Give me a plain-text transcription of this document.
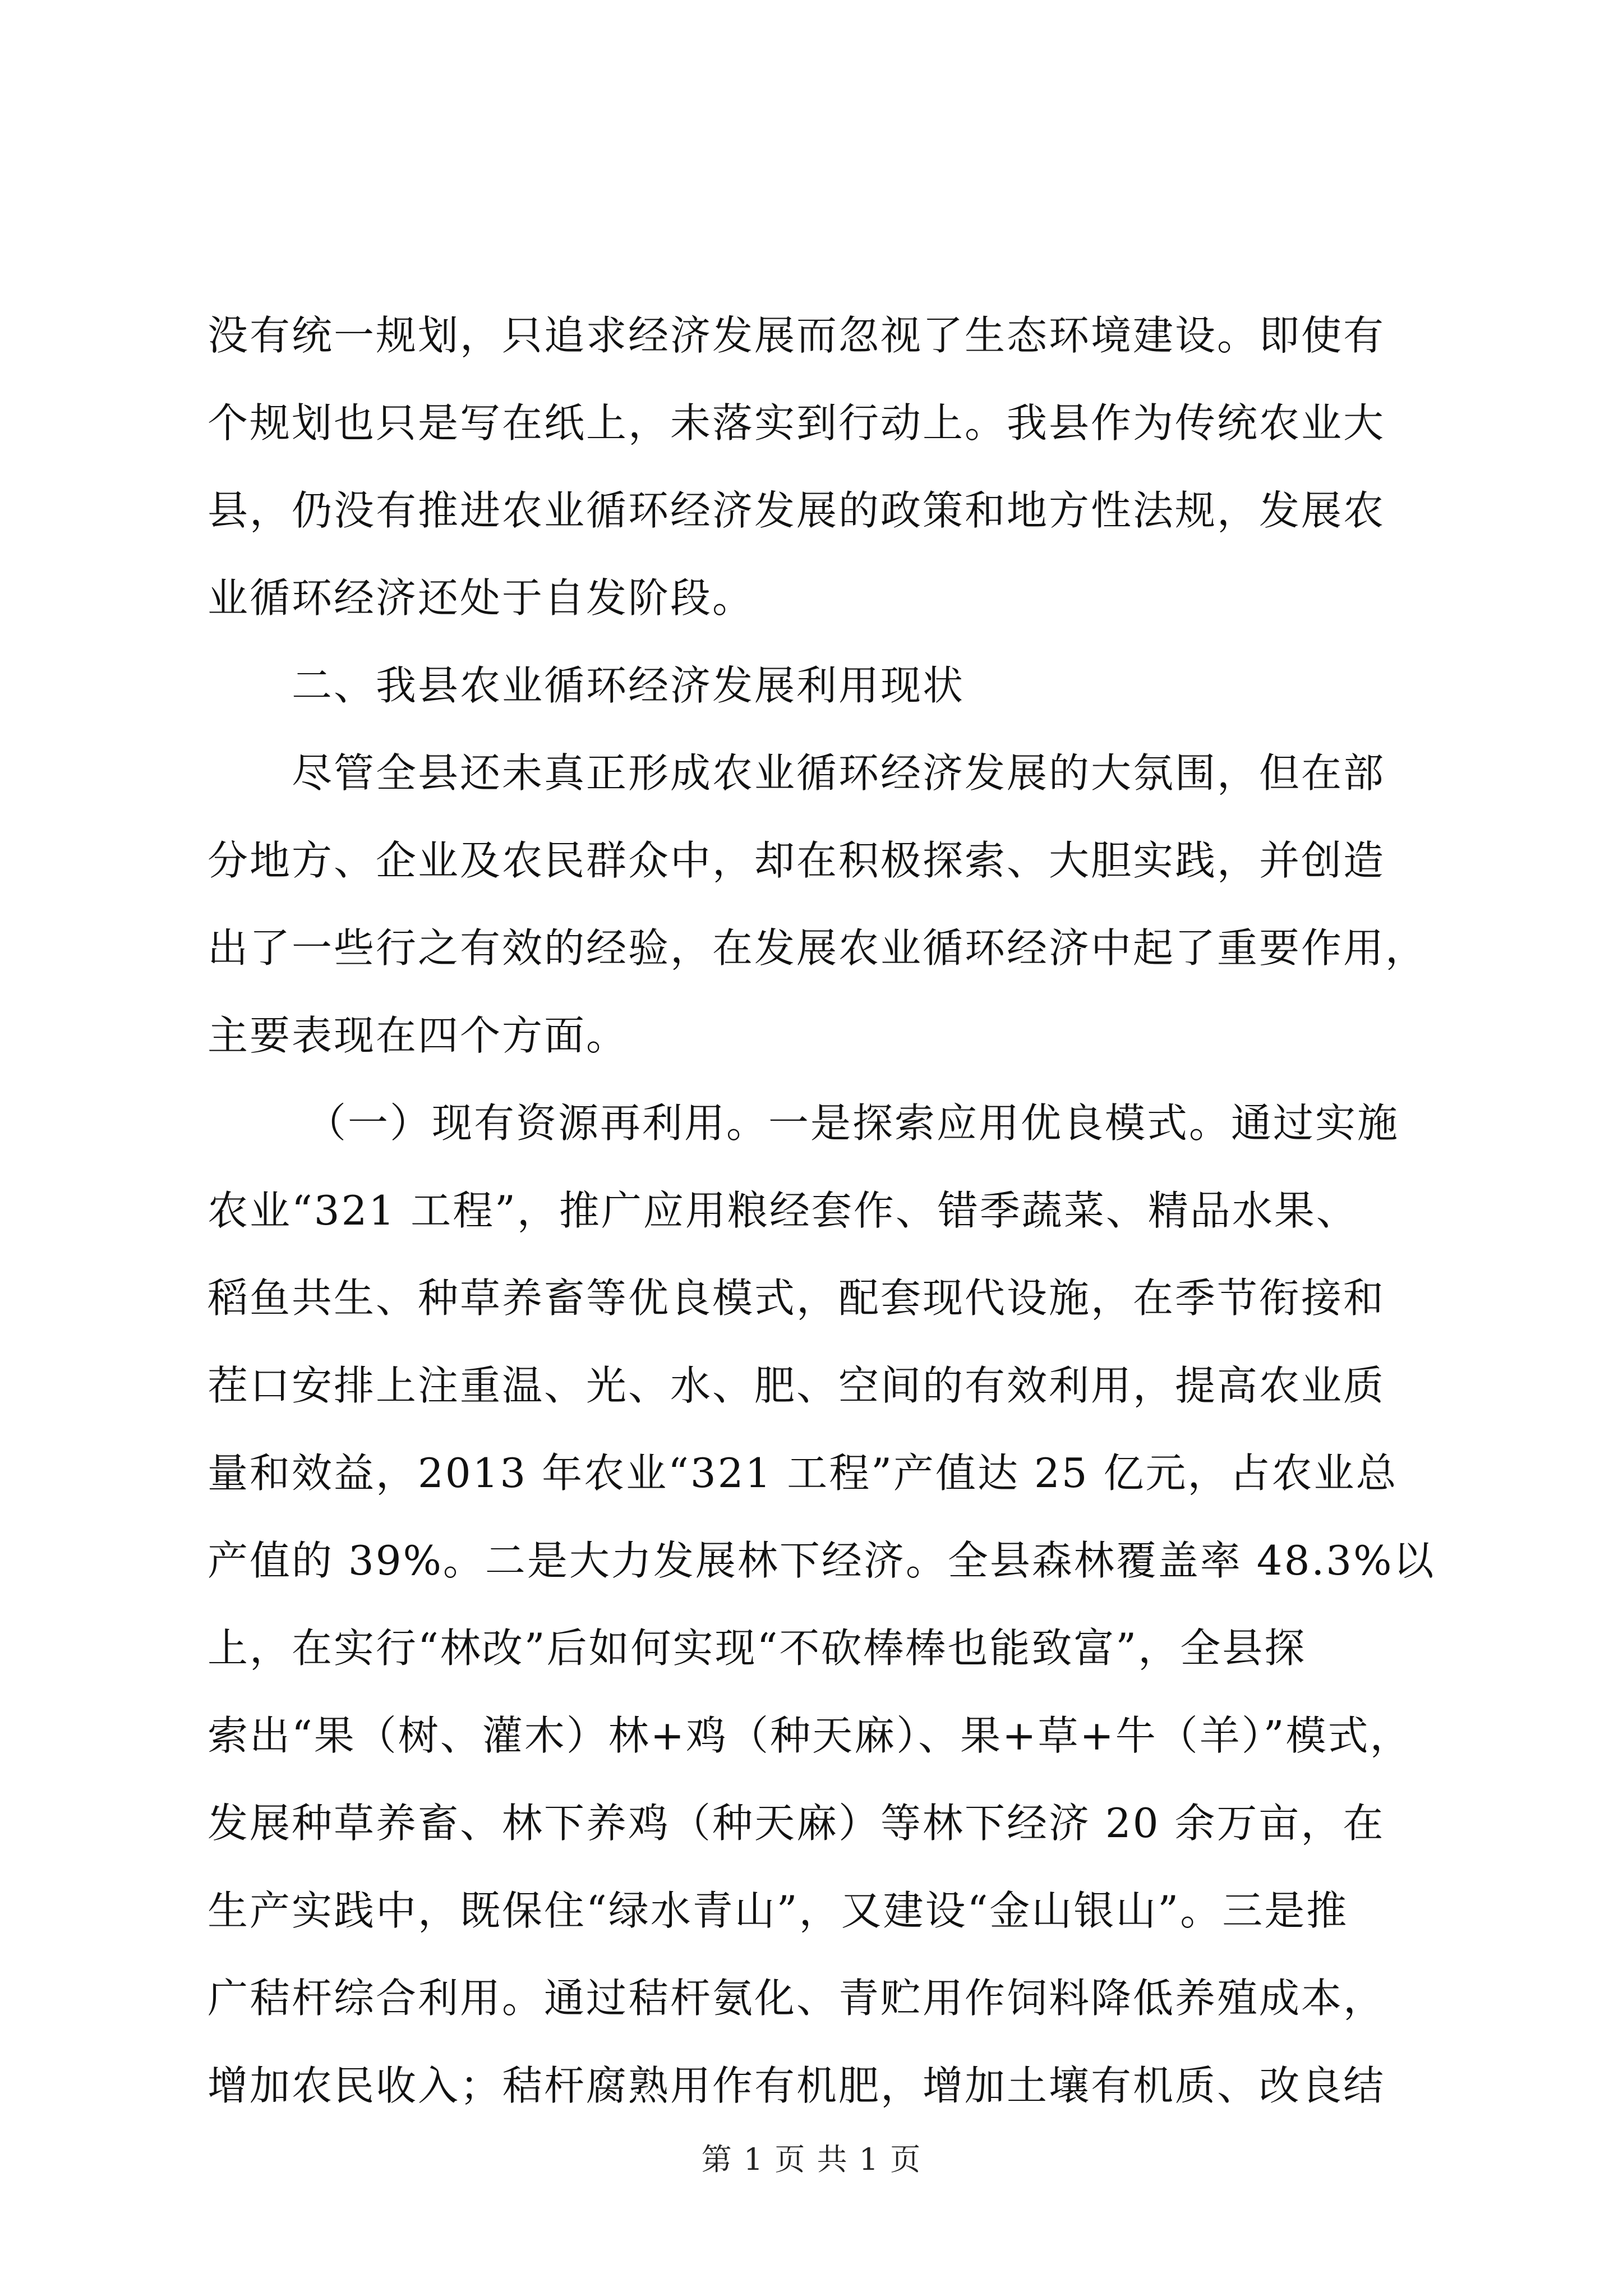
没有统一规划，只追求经济发展而忽视了生态环境建设。即使有
个规划也只是写在纸上，未落实到行动上。我县作为传统农业大
县，仍没有推进农业循环经济发展的政策和地方性法规，发展农
业循环经济还处于自发阶段。
二、我县农业循环经济发展利用现状
尽管全县还未真正形成农业循环经济发展的大氛围，但在部
分地方、企业及农民群众中，却在积极探索、大胆实践，并创造
出了一些行之有效的经验，在发展农业循环经济中起了重要作用，
主要表现在四个方面。
（一）现有资源再利用。一是探索应用优良模式。通过实施
农业“321 工程”，推广应用粮经套作、错季蔬菜、精品水果、
稻鱼共生、种草养畜等优良模式，配套现代设施，在季节衔接和
茬口安排上注重温、光、水、肥、空间的有效利用，提高农业质
量和效益，2013 年农业“321 工程”产值达 25 亿元，占农业总
产值的 39%。二是大力发展林下经济。全县森林覆盖率 48.3%以
上，在实行“林改”后如何实现“不砍棒棒也能致富”，全县探
索出“果（树、灌木）林+鸡（种天麻）、果+草+牛（羊）”模式，
发展种草养畜、林下养鸡（种天麻）等林下经济 20 余万亩，在
生产实践中，既保住“绿水青山”，又建设“金山银山”。三是推
广秸杆综合利用。通过秸杆氨化、青贮用作饲料降低养殖成本，
增加农民收入；秸杆腐熟用作有机肥，增加土壤有机质、改良结
第 1 页 共 1 页
